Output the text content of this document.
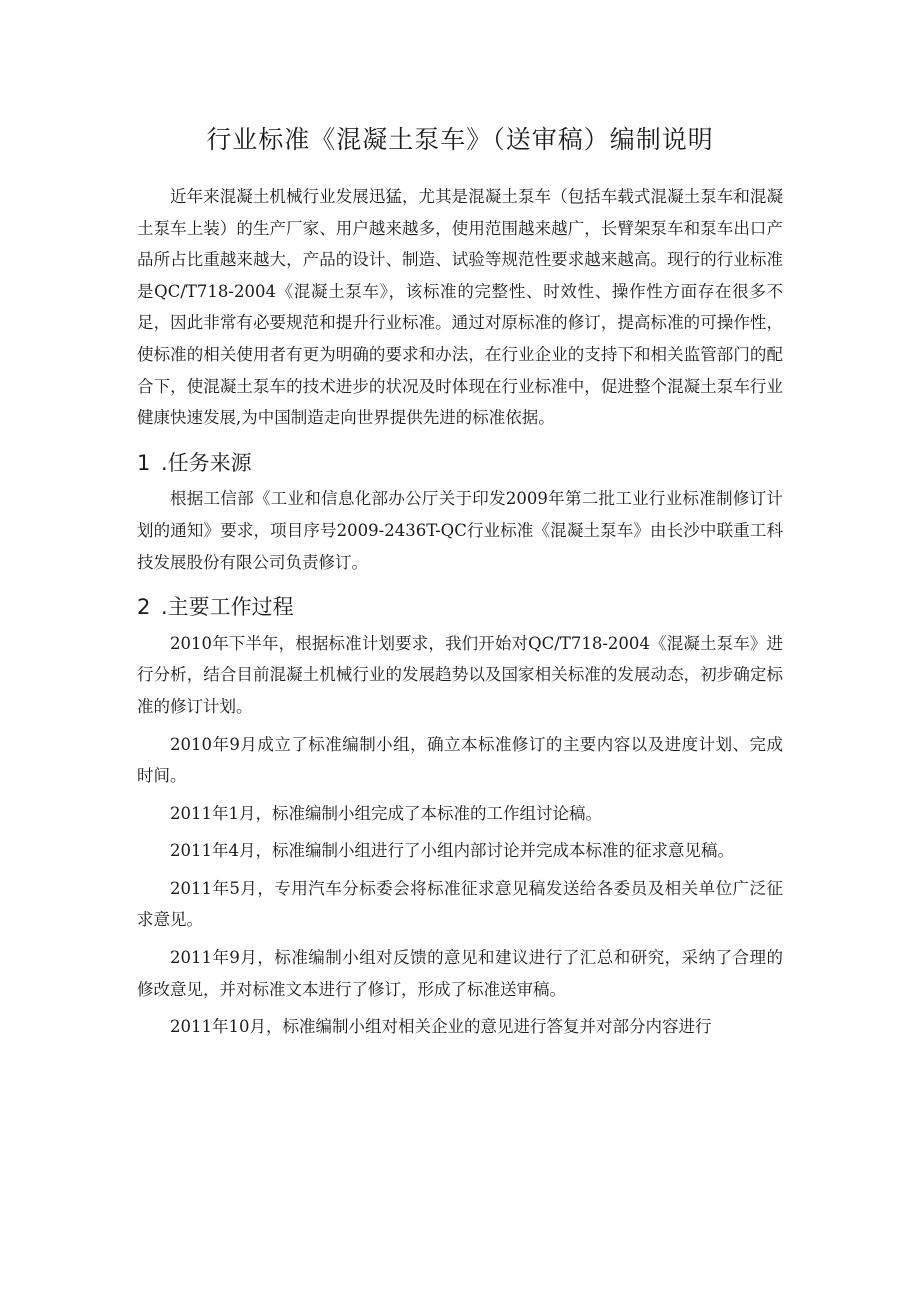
行业标准《混凝土泵车》（送审稿）编制说明

近年来混凝土机械行业发展迅猛，尤其是混凝土泵车（包括车载式混凝土泵车和混凝土泵车上装）的生产厂家、用户越来越多，使用范围越来越广，长臂架泵车和泵车出口产品所占比重越来越大，产品的设计、制造、试验等规范性要求越来越高。现行的行业标准是QC/T718-2004《混凝土泵车》，该标准的完整性、时效性、操作性方面存在很多不足，因此非常有必要规范和提升行业标准。通过对原标准的修订，提高标准的可操作性，使标准的相关使用者有更为明确的要求和办法，在行业企业的支持下和相关监管部门的配合下，使混凝土泵车的技术进步的状况及时体现在行业标准中，促进整个混凝土泵车行业健康快速发展,为中国制造走向世界提供先进的标准依据。

1 .任务来源

根据工信部《工业和信息化部办公厅关于印发2009年第二批工业行业标准制修订计划的通知》要求，项目序号2009-2436T-QC行业标准《混凝土泵车》由长沙中联重工科技发展股份有限公司负责修订。

2 .主要工作过程

2010年下半年，根据标准计划要求，我们开始对QC/T718-2004《混凝土泵车》进行分析，结合目前混凝土机械行业的发展趋势以及国家相关标准的发展动态，初步确定标准的修订计划。

2010年9月成立了标准编制小组，确立本标准修订的主要内容以及进度计划、完成时间。

2011年1月，标准编制小组完成了本标准的工作组讨论稿。

2011年4月，标准编制小组进行了小组内部讨论并完成本标准的征求意见稿。

2011年5月，专用汽车分标委会将标准征求意见稿发送给各委员及相关单位广泛征求意见。

2011年9月，标准编制小组对反馈的意见和建议进行了汇总和研究，采纳了合理的修改意见，并对标准文本进行了修订，形成了标准送审稿。

2011年10月，标准编制小组对相关企业的意见进行答复并对部分内容进行
